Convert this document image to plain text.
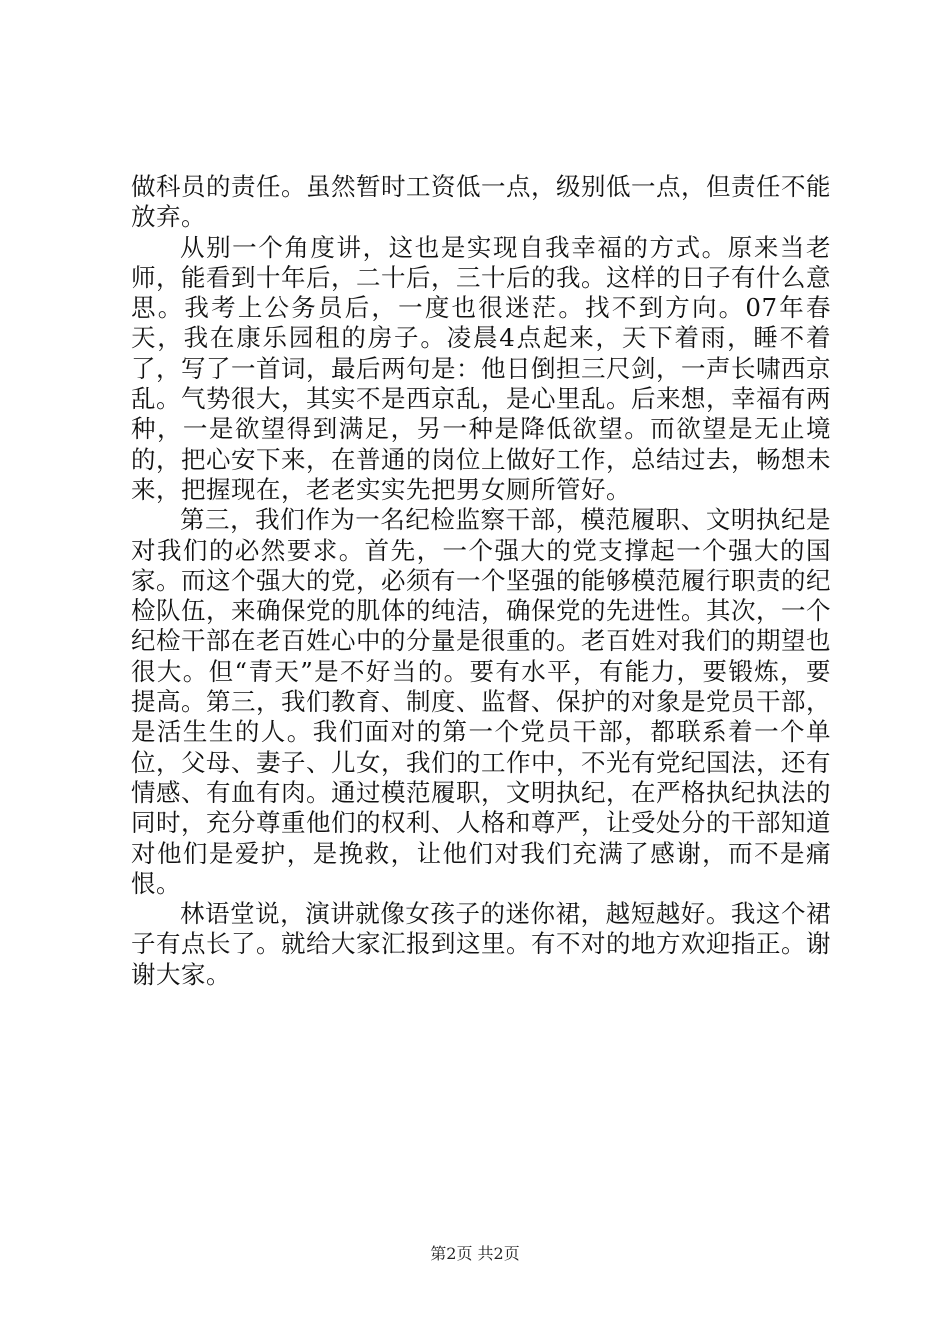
做科员的责任。虽然暂时工资低一点，级别低一点，但责任不能放弃。

从别一个角度讲，这也是实现自我幸福的方式。原来当老师，能看到十年后，二十后，三十后的我。这样的日子有什么意思。我考上公务员后，一度也很迷茫。找不到方向。07年春天，我在康乐园租的房子。凌晨4点起来，天下着雨，睡不着了，写了一首词，最后两句是：他日倒担三尺剑，一声长啸西京乱。气势很大，其实不是西京乱，是心里乱。后来想，幸福有两种，一是欲望得到满足，另一种是降低欲望。而欲望是无止境的，把心安下来，在普通的岗位上做好工作，总结过去，畅想未来，把握现在，老老实实先把男女厕所管好。

第三，我们作为一名纪检监察干部，模范履职、文明执纪是对我们的必然要求。首先，一个强大的党支撑起一个强大的国家。而这个强大的党，必须有一个坚强的能够模范履行职责的纪检队伍，来确保党的肌体的纯洁，确保党的先进性。其次，一个纪检干部在老百姓心中的分量是很重的。老百姓对我们的期望也很大。但“青天”是不好当的。要有水平，有能力，要锻炼，要提高。第三，我们教育、制度、监督、保护的对象是党员干部，是活生生的人。我们面对的第一个党员干部，都联系着一个单位，父母、妻子、儿女，我们的工作中，不光有党纪国法，还有情感、有血有肉。通过模范履职，文明执纪，在严格执纪执法的同时，充分尊重他们的权利、人格和尊严，让受处分的干部知道对他们是爱护，是挽救，让他们对我们充满了感谢，而不是痛恨。

林语堂说，演讲就像女孩子的迷你裙，越短越好。我这个裙子有点长了。就给大家汇报到这里。有不对的地方欢迎指正。谢谢大家。

第2页 共2页
